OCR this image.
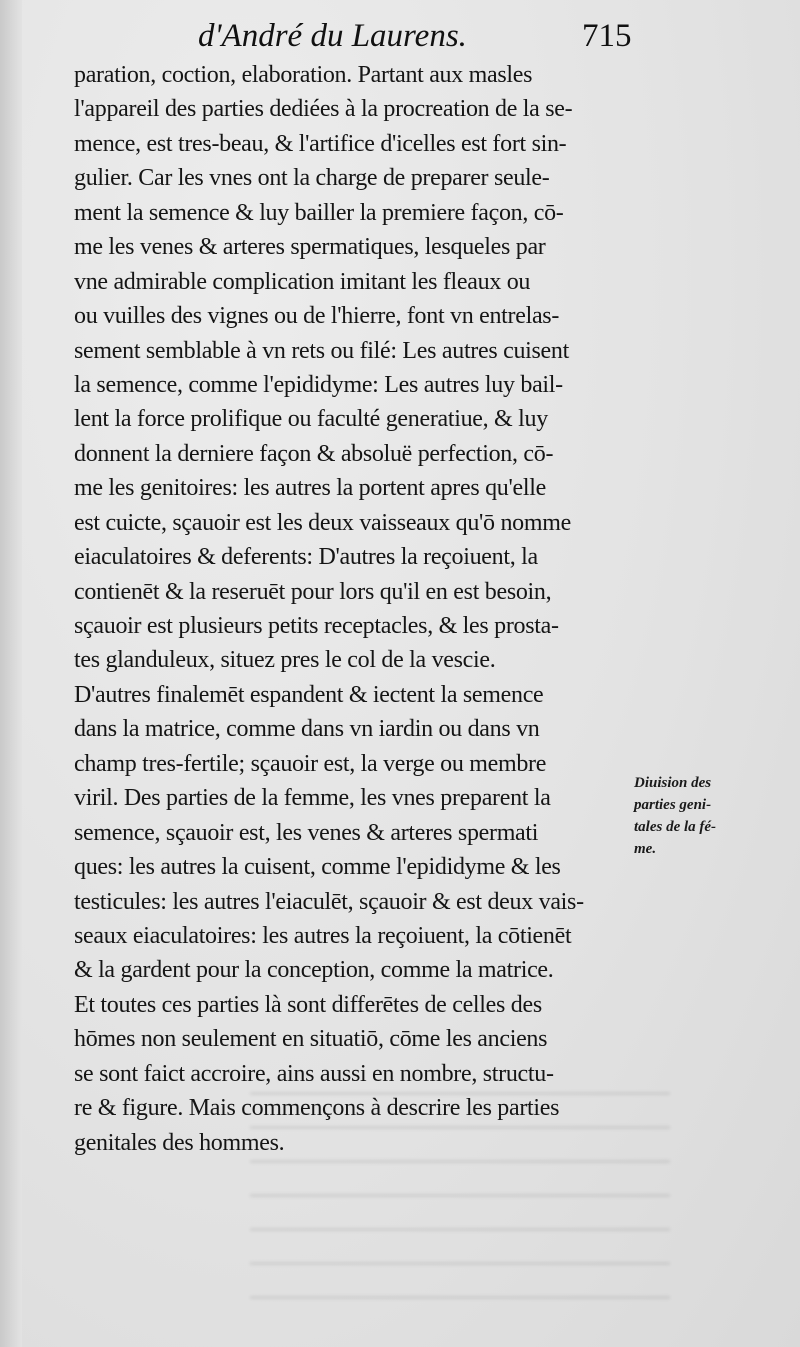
d'André du Laurens.	715
paration, coction, elaboration. Partant aux masles
l'appareil des parties dediées à la procreation de la se-
mence, est tres-beau, & l'artifice d'icelles est fort sin-
gulier. Car les vnes ont la charge de preparer seule-
ment la semence & luy bailler la premiere façon, cō-
me les venes & arteres spermatiques, lesqueles par
vne admirable complication imitant les fleaux ou
ou vuilles des vignes ou de l'hierre, font vn entrelas-
sement semblable à vn rets ou filé: Les autres cuisent
la semence, comme l'epididyme: Les autres luy bail-
lent la force prolifique ou faculté generatiue, & luy
donnent la derniere façon & absoluë perfection, cō-
me les genitoires: les autres la portent apres qu'elle
est cuicte, sçauoir est les deux vaisseaux qu'ō nomme
eiaculatoires & deferents: D'autres la reçoiuent, la
contienēt & la reseruēt pour lors qu'il en est besoin,
sçauoir est plusieurs petits receptacles, & les prosta-
tes glanduleux, situez pres le col de la vescie.
D'autres finalemēt espandent & iectent la semence
dans la matrice, comme dans vn iardin ou dans vn
champ tres-fertile; sçauoir est, la verge ou membre
viril. Des parties de la femme, les vnes preparent la
semence, sçauoir est, les venes & arteres spermati
ques: les autres la cuisent, comme l'epididyme & les
testicules: les autres l'eiaculēt, sçauoir & est deux vais-
seaux eiaculatoires: les autres la reçoiuent, la cōtienēt
& la gardent pour la conception, comme la matrice.
Et toutes ces parties là sont differētes de celles des
hōmes non seulement en situatiō, cōme les anciens
se sont faict accroire, ains aussi en nombre, structu-
re & figure. Mais commençons à descrire les parties
genitales des hommes.
Diuision des
parties geni-
tales de la fé-
me.
